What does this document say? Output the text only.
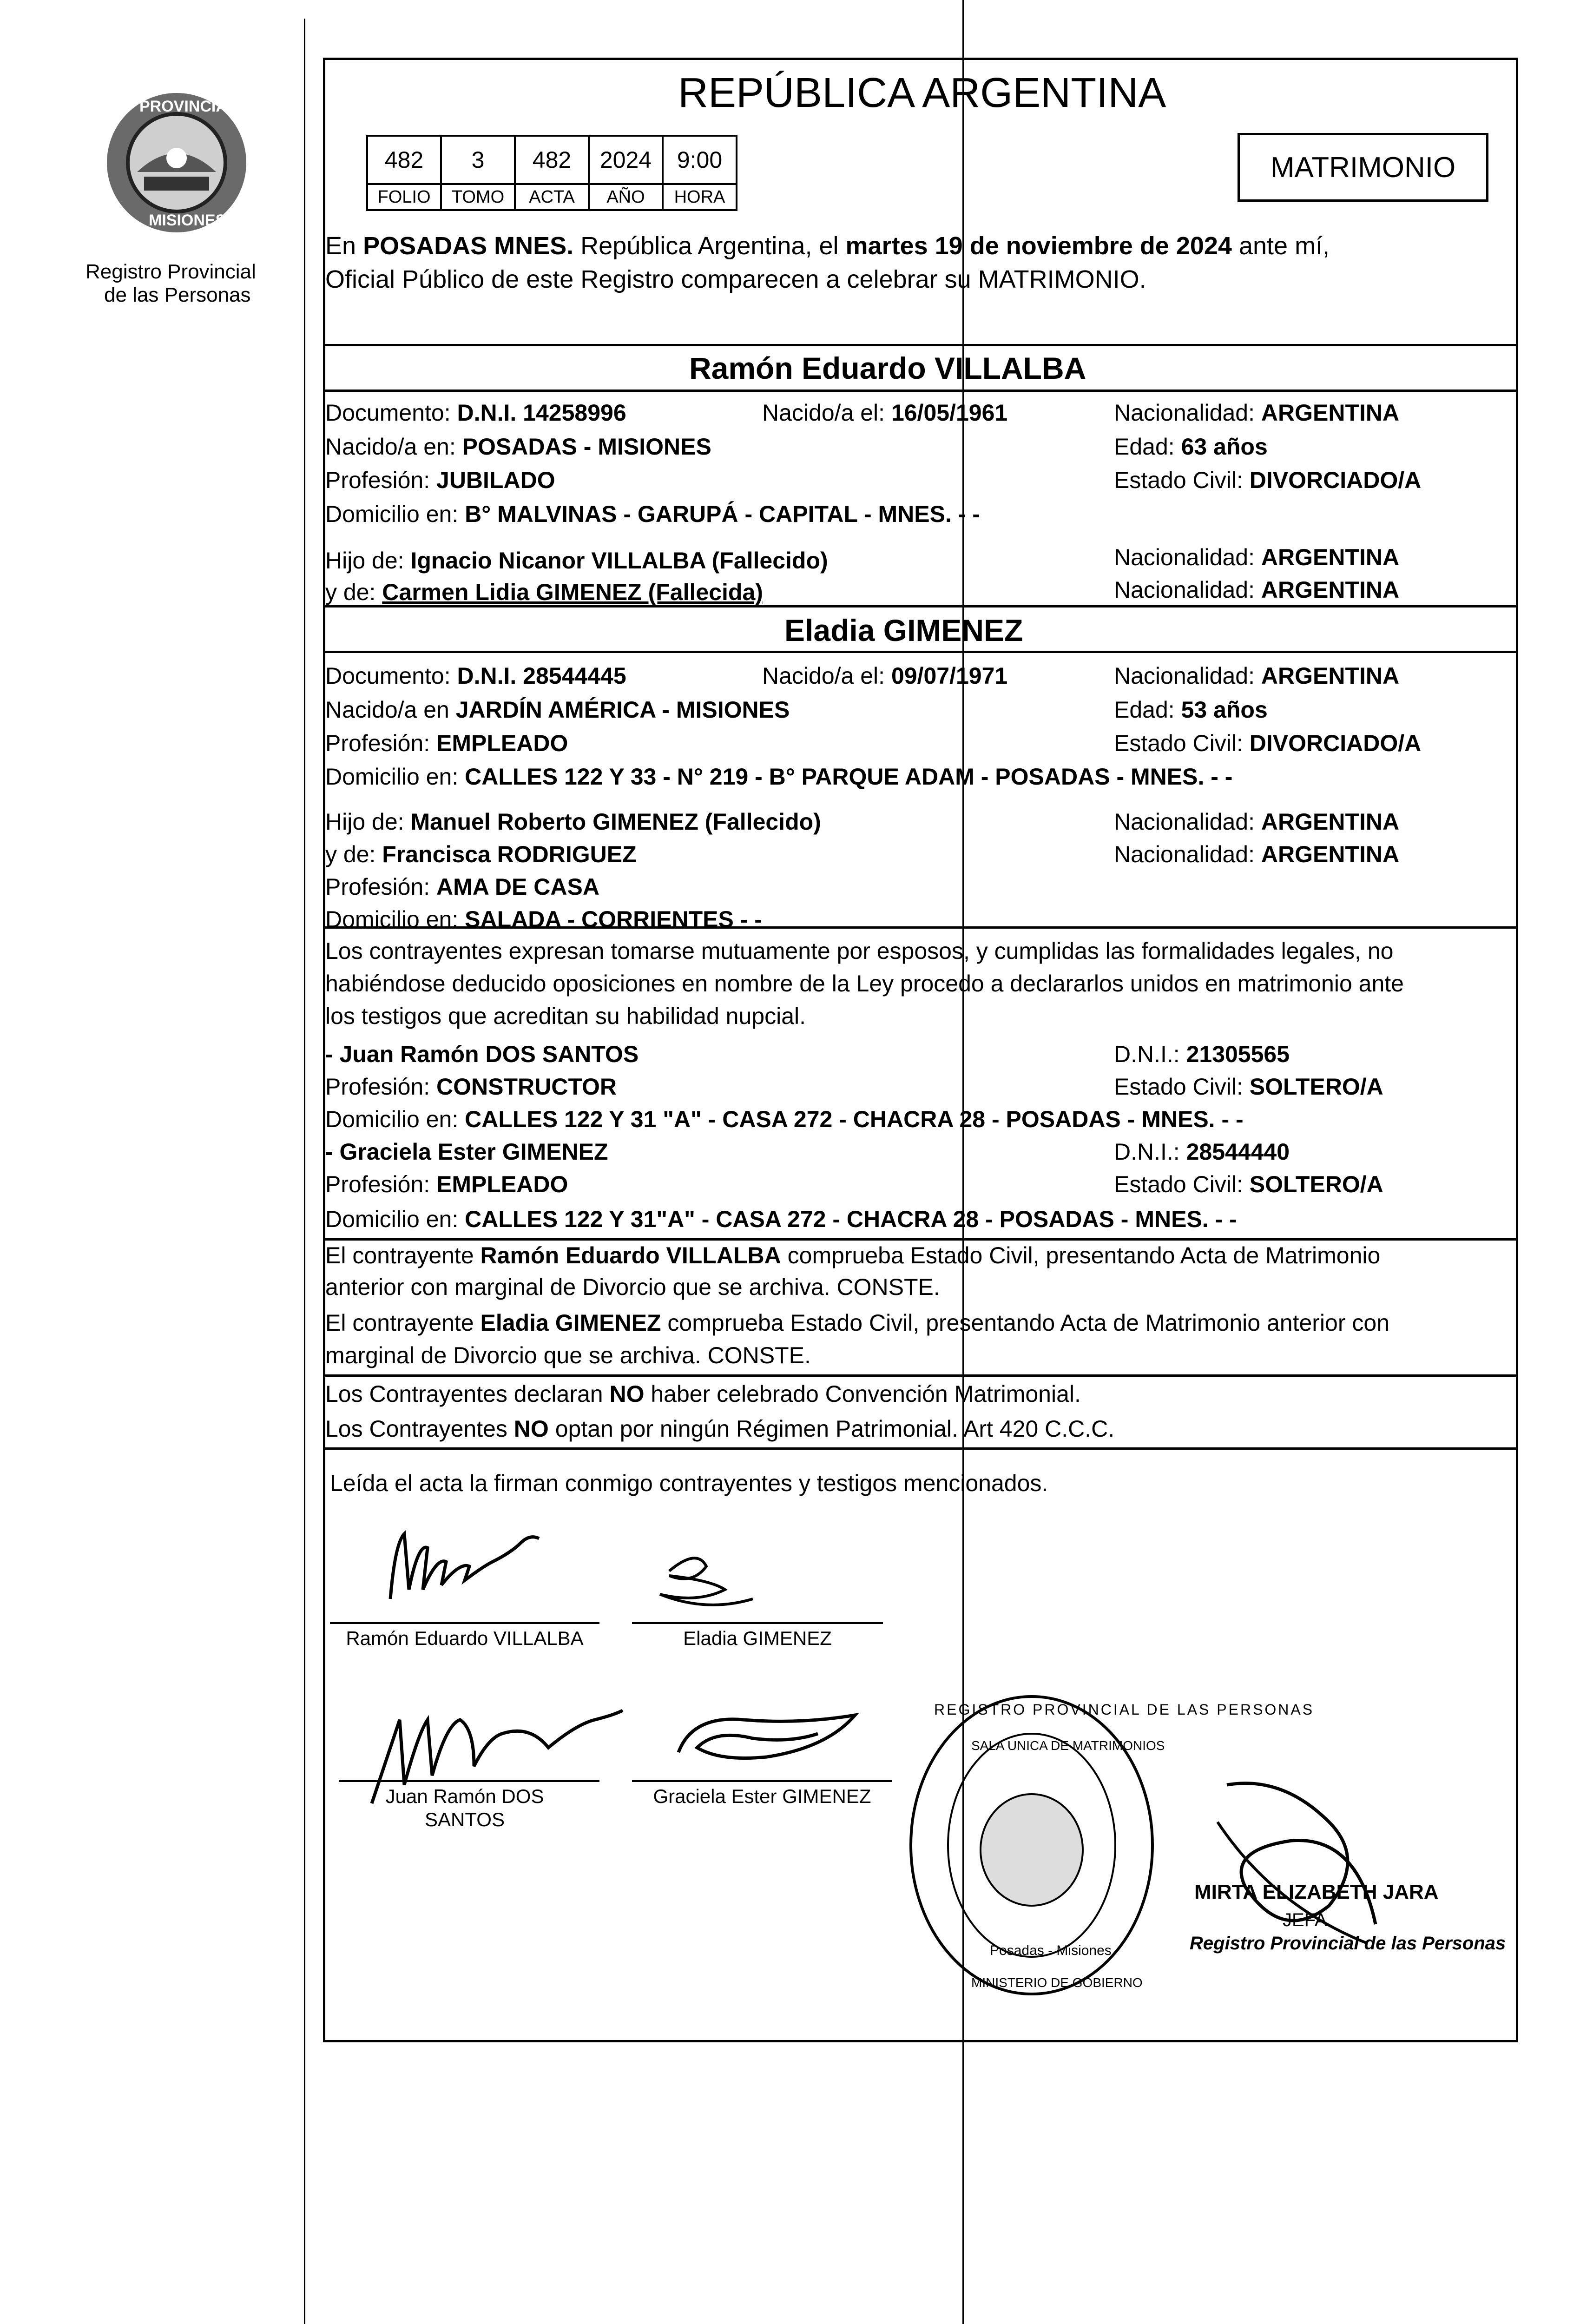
PROVINCIA DE
MISIONES
Registro Provincial
de las Personas
REPÚBLICA ARGENTINA
482	3	482	2024	9:00
FOLIO	TOMO	ACTA	AÑO	HORA
MATRIMONIO
En POSADAS MNES. República Argentina, el martes 19 de noviembre de 2024 ante mí,
Oficial Público de este Registro comparecen a celebrar su MATRIMONIO.
Ramón Eduardo VILLALBA
Documento: D.N.I. 14258996	Nacido/a el: 16/05/1961	Nacionalidad: ARGENTINA
Nacido/a en: POSADAS - MISIONES	Edad: 63 años
Profesión: JUBILADO	Estado Civil: DIVORCIADO/A
Domicilio en: B° MALVINAS - GARUPÁ - CAPITAL - MNES. - -
Hijo de: Ignacio Nicanor VILLALBA (Fallecido)	Nacionalidad: ARGENTINA
y de: Carmen Lidia GIMENEZ (Fallecida)	Nacionalidad: ARGENTINA
Eladia GIMENEZ
Documento: D.N.I. 28544445	Nacido/a el: 09/07/1971	Nacionalidad: ARGENTINA
Nacido/a en JARDÍN AMÉRICA - MISIONES	Edad: 53 años
Profesión: EMPLEADO	Estado Civil: DIVORCIADO/A
Domicilio en: CALLES 122 Y 33 - N° 219 - B° PARQUE ADAM - POSADAS - MNES. - -
Hijo de: Manuel Roberto GIMENEZ (Fallecido)	Nacionalidad: ARGENTINA
y de: Francisca RODRIGUEZ	Nacionalidad: ARGENTINA
Profesión: AMA DE CASA
Domicilio en: SALADA - CORRIENTES - -
Los contrayentes expresan tomarse mutuamente por esposos, y cumplidas las formalidades legales, no
habiéndose deducido oposiciones en nombre de la Ley procedo a declararlos unidos en matrimonio ante
los testigos que acreditan su habilidad nupcial.
- Juan Ramón DOS SANTOS	D.N.I.: 21305565
Profesión: CONSTRUCTOR	Estado Civil: SOLTERO/A
Domicilio en: CALLES 122 Y 31 "A" - CASA 272 - CHACRA 28 - POSADAS - MNES. - -
- Graciela Ester GIMENEZ	D.N.I.: 28544440
Profesión: EMPLEADO	Estado Civil: SOLTERO/A
Domicilio en: CALLES 122 Y 31"A" - CASA 272 - CHACRA 28 - POSADAS - MNES. - -
El contrayente Ramón Eduardo VILLALBA comprueba Estado Civil, presentando Acta de Matrimonio
anterior con marginal de Divorcio que se archiva. CONSTE.
El contrayente Eladia GIMENEZ comprueba Estado Civil, presentando Acta de Matrimonio anterior con
marginal de Divorcio que se archiva. CONSTE.
Los Contrayentes declaran NO haber celebrado Convención Matrimonial.
Los Contrayentes NO optan por ningún Régimen Patrimonial. Art 420 C.C.C.
Leída el acta la firman conmigo contrayentes y testigos mencionados.
Ramón Eduardo VILLALBA	Eladia GIMENEZ
Juan Ramón DOS
SANTOS
Graciela Ester GIMENEZ
REGISTRO PROVINCIAL DE LAS PERSONAS
SALA UNICA DE MATRIMONIOS
Posadas - Misiones
MINISTERIO DE GOBIERNO
MIRTA ELIZABETH JARA
JEFA
Registro Provincial de las Personas
